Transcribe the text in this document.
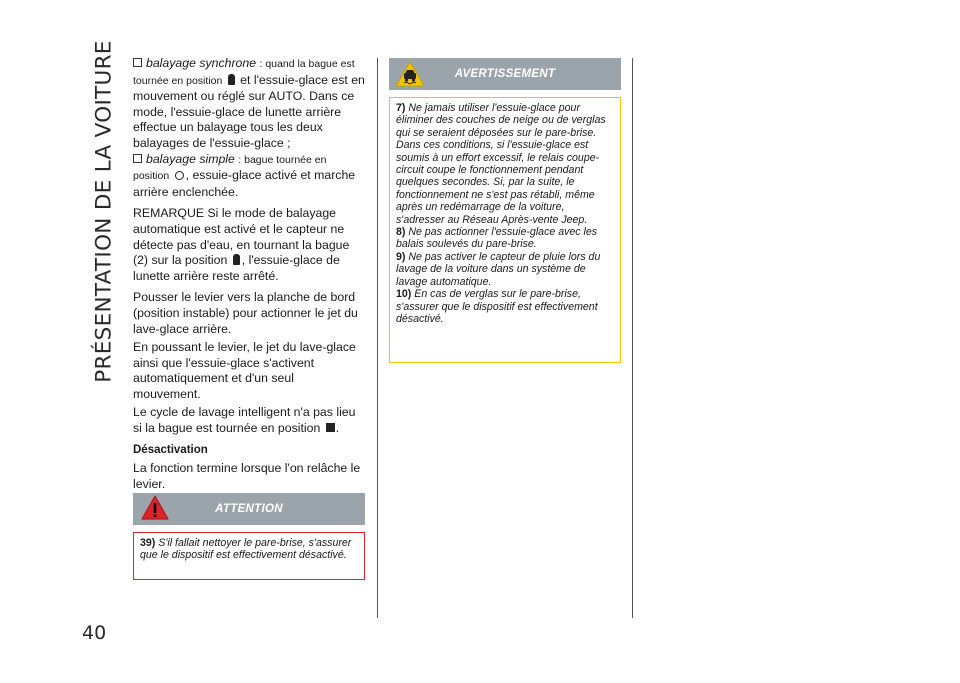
PRÉSENTATION DE LA VOITURE
40

balayage synchrone : quand la bague est tournée en position et l'essuie-glace est en mouvement ou réglé sur AUTO. Dans ce mode, l'essuie-glace de lunette arrière effectue un balayage tous les deux balayages de l'essuie-glace ;

balayage simple : bague tournée en position , essuie-glace activé et marche arrière enclenchée.

REMARQUE Si le mode de balayage automatique est activé et le capteur ne détecte pas d'eau, en tournant la bague (2) sur la position , l'essuie-glace de lunette arrière reste arrêté.

Pousser le levier vers la planche de bord (position instable) pour actionner le jet du lave-glace arrière.

En poussant le levier, le jet du lave-glace ainsi que l'essuie-glace s'activent automatiquement et d'un seul mouvement.

Le cycle de lavage intelligent n'a pas lieu si la bague est tournée en position .

Désactivation

La fonction termine lorsque l'on relâche le levier.

ATTENTION

39) S'il fallait nettoyer le pare-brise, s'assurer que le dispositif est effectivement désactivé.

AVERTISSEMENT

7) Ne jamais utiliser l'essuie-glace pour éliminer des couches de neige ou de verglas qui se seraient déposées sur le pare-brise. Dans ces conditions, si l'essuie-glace est soumis à un effort excessif, le relais coupe-circuit coupe le fonctionnement pendant quelques secondes. Si, par la suite, le fonctionnement ne s'est pas rétabli, même après un redémarrage de la voiture, s'adresser au Réseau Après-vente Jeep.

8) Ne pas actionner l'essuie-glace avec les balais soulevés du pare-brise.

9) Ne pas activer le capteur de pluie lors du lavage de la voiture dans un système de lavage automatique.

10) En cas de verglas sur le pare-brise, s'assurer que le dispositif est effectivement désactivé.
